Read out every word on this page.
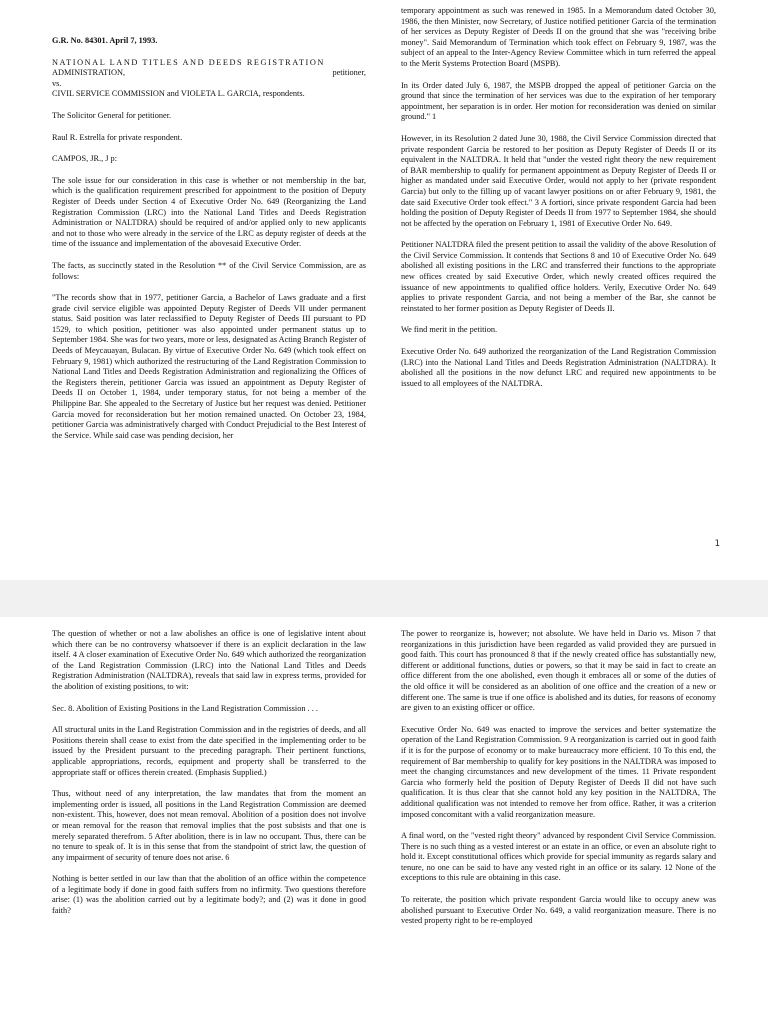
G.R. No. 84301. April 7, 1993.

NATIONAL LAND TITLES AND DEEDS REGISTRATION
ADMINISTRATION,	petitioner,
vs.
CIVIL SERVICE COMMISSION and VIOLETA L. GARCIA, respondents.

The Solicitor General for petitioner.

Raul R. Estrella for private respondent.

CAMPOS, JR., J p:

The sole issue for our consideration in this case is whether or not membership in the bar, which is the qualification requirement prescribed for appointment to the position of Deputy Register of Deeds under Section 4 of Executive Order No. 649 (Reorganizing the Land Registration Commission (LRC) into the National Land Titles and Deeds Registration Administration or NALTDRA) should be required of and/or applied only to new applicants and not to those who were already in the service of the LRC as deputy register of deeds at the time of the issuance and implementation of the abovesaid Executive Order.

The facts, as succinctly stated in the Resolution ** of the Civil Service Commission, are as follows:

"The records show that in 1977, petitioner Garcia, a Bachelor of Laws graduate and a first grade civil service eligible was appointed Deputy Register of Deeds VII under permanent status. Said position was later reclassified to Deputy Register of Deeds III pursuant to PD 1529, to which position, petitioner was also appointed under permanent status up to September 1984. She was for two years, more or less, designated as Acting Branch Register of Deeds of Meycauayan, Bulacan. By virtue of Executive Order No. 649 (which took effect on February 9, 1981) which authorized the restructuring of the Land Registration Commission to National Land Titles and Deeds Registration Administration and regionalizing the Offices of the Registers therein, petitioner Garcia was issued an appointment as Deputy Register of Deeds II on October 1, 1984, under temporary status, for not being a member of the Philippine Bar. She appealed to the Secretary of Justice but her request was denied. Petitioner Garcia moved for reconsideration but her motion remained unacted. On October 23, 1984, petitioner Garcia was administratively charged with Conduct Prejudicial to the Best Interest of the Service. While said case was pending decision, her

temporary appointment as such was renewed in 1985. In a Memorandum dated October 30, 1986, the then Minister, now Secretary, of Justice notified petitioner Garcia of the termination of her services as Deputy Register of Deeds II on the ground that she was "receiving bribe money". Said Memorandum of Termination which took effect on February 9, 1987, was the subject of an appeal to the Inter-Agency Review Committee which in turn referred the appeal to the Merit Systems Protection Board (MSPB).

In its Order dated July 6, 1987, the MSPB dropped the appeal of petitioner Garcia on the ground that since the termination of her services was due to the expiration of her temporary appointment, her separation is in order. Her motion for reconsideration was denied on similar ground." 1

However, in its Resolution 2 dated June 30, 1988, the Civil Service Commission directed that private respondent Garcia be restored to her position as Deputy Register of Deeds II or its equivalent in the NALTDRA. It held that "under the vested right theory the new requirement of BAR membership to qualify for permanent appointment as Deputy Register of Deeds II or higher as mandated under said Executive Order, would not apply to her (private respondent Garcia) but only to the filling up of vacant lawyer positions on or after February 9, 1981, the date said Executive Order took effect." 3 A fortiori, since private respondent Garcia had been holding the position of Deputy Register of Deeds II from 1977 to September 1984, she should not be affected by the operation on February 1, 1981 of Executive Order No. 649.

Petitioner NALTDRA filed the present petition to assail the validity of the above Resolution of the Civil Service Commission. It contends that Sections 8 and 10 of Executive Order No. 649 abolished all existing positions in the LRC and transferred their functions to the appropriate new offices created by said Executive Order, which newly created offices required the issuance of new appointments to qualified office holders. Verily, Executive Order No. 649 applies to private respondent Garcia, and not being a member of the Bar, she cannot be reinstated to her former position as Deputy Register of Deeds II.

We find merit in the petition.

Executive Order No. 649 authorized the reorganization of the Land Registration Commission (LRC) into the National Land Titles and Deeds Registration Administration (NALTDRA). It abolished all the positions in the now defunct LRC and required new appointments to be issued to all employees of the NALTDRA.

1

The question of whether or not a law abolishes an office is one of legislative intent about which there can be no controversy whatsoever if there is an explicit declaration in the law itself. 4 A closer examination of Executive Order No. 649 which authorized the reorganization of the Land Registration Commission (LRC) into the National Land Titles and Deeds Registration Administration (NALTDRA), reveals that said law in express terms, provided for the abolition of existing positions, to wit:

Sec. 8. Abolition of Existing Positions in the Land Registration Commission . . .

All structural units in the Land Registration Commission and in the registries of deeds, and all Positions therein shall cease to exist from the date specified in the implementing order to be issued by the President pursuant to the preceding paragraph. Their pertinent functions, applicable appropriations, records, equipment and property shall be transferred to the appropriate staff or offices therein created. (Emphasis Supplied.)

Thus, without need of any interpretation, the law mandates that from the moment an implementing order is issued, all positions in the Land Registration Commission are deemed non-existent. This, however, does not mean removal. Abolition of a position does not involve or mean removal for the reason that removal implies that the post subsists and that one is merely separated therefrom. 5 After abolition, there is in law no occupant. Thus, there can be no tenure to speak of. It is in this sense that from the standpoint of strict law, the question of any impairment of security of tenure does not arise. 6

Nothing is better settled in our law than that the abolition of an office within the competence of a legitimate body if done in good faith suffers from no infirmity. Two questions therefore arise: (1) was the abolition carried out by a legitimate body?; and (2) was it done in good faith?

The power to reorganize is, however; not absolute. We have held in Dario vs. Mison 7 that reorganizations in this jurisdiction have been regarded as valid provided they are pursued in good faith. This court has pronounced 8 that if the newly created office has substantially new, different or additional functions, duties or powers, so that it may be said in fact to create an office different from the one abolished, even though it embraces all or some of the duties of the old office it will be considered as an abolition of one office and the creation of a new or different one. The same is true if one office is abolished and its duties, for reasons of economy are given to an existing officer or office.

Executive Order No. 649 was enacted to improve the services and better systematize the operation of the Land Registration Commission. 9 A reorganization is carried out in good faith if it is for the purpose of economy or to make bureaucracy more efficient. 10 To this end, the requirement of Bar membership to qualify for key positions in the NALTDRA was imposed to meet the changing circumstances and new development of the times. 11 Private respondent Garcia who formerly held the position of Deputy Register of Deeds II did not have such qualification. It is thus clear that she cannot hold any key position in the NALTDRA, The additional qualification was not intended to remove her from office. Rather, it was a criterion imposed concomitant with a valid reorganization measure.

A final word, on the "vested right theory" advanced by respondent Civil Service Commission. There is no such thing as a vested interest or an estate in an office, or even an absolute right to hold it. Except constitutional offices which provide for special immunity as regards salary and tenure, no one can be said to have any vested right in an office or its salary. 12 None of the exceptions to this rule are obtaining in this case.

To reiterate, the position which private respondent Garcia would like to occupy anew was abolished pursuant to Executive Order No. 649, a valid reorganization measure. There is no vested property right to be re-employed
